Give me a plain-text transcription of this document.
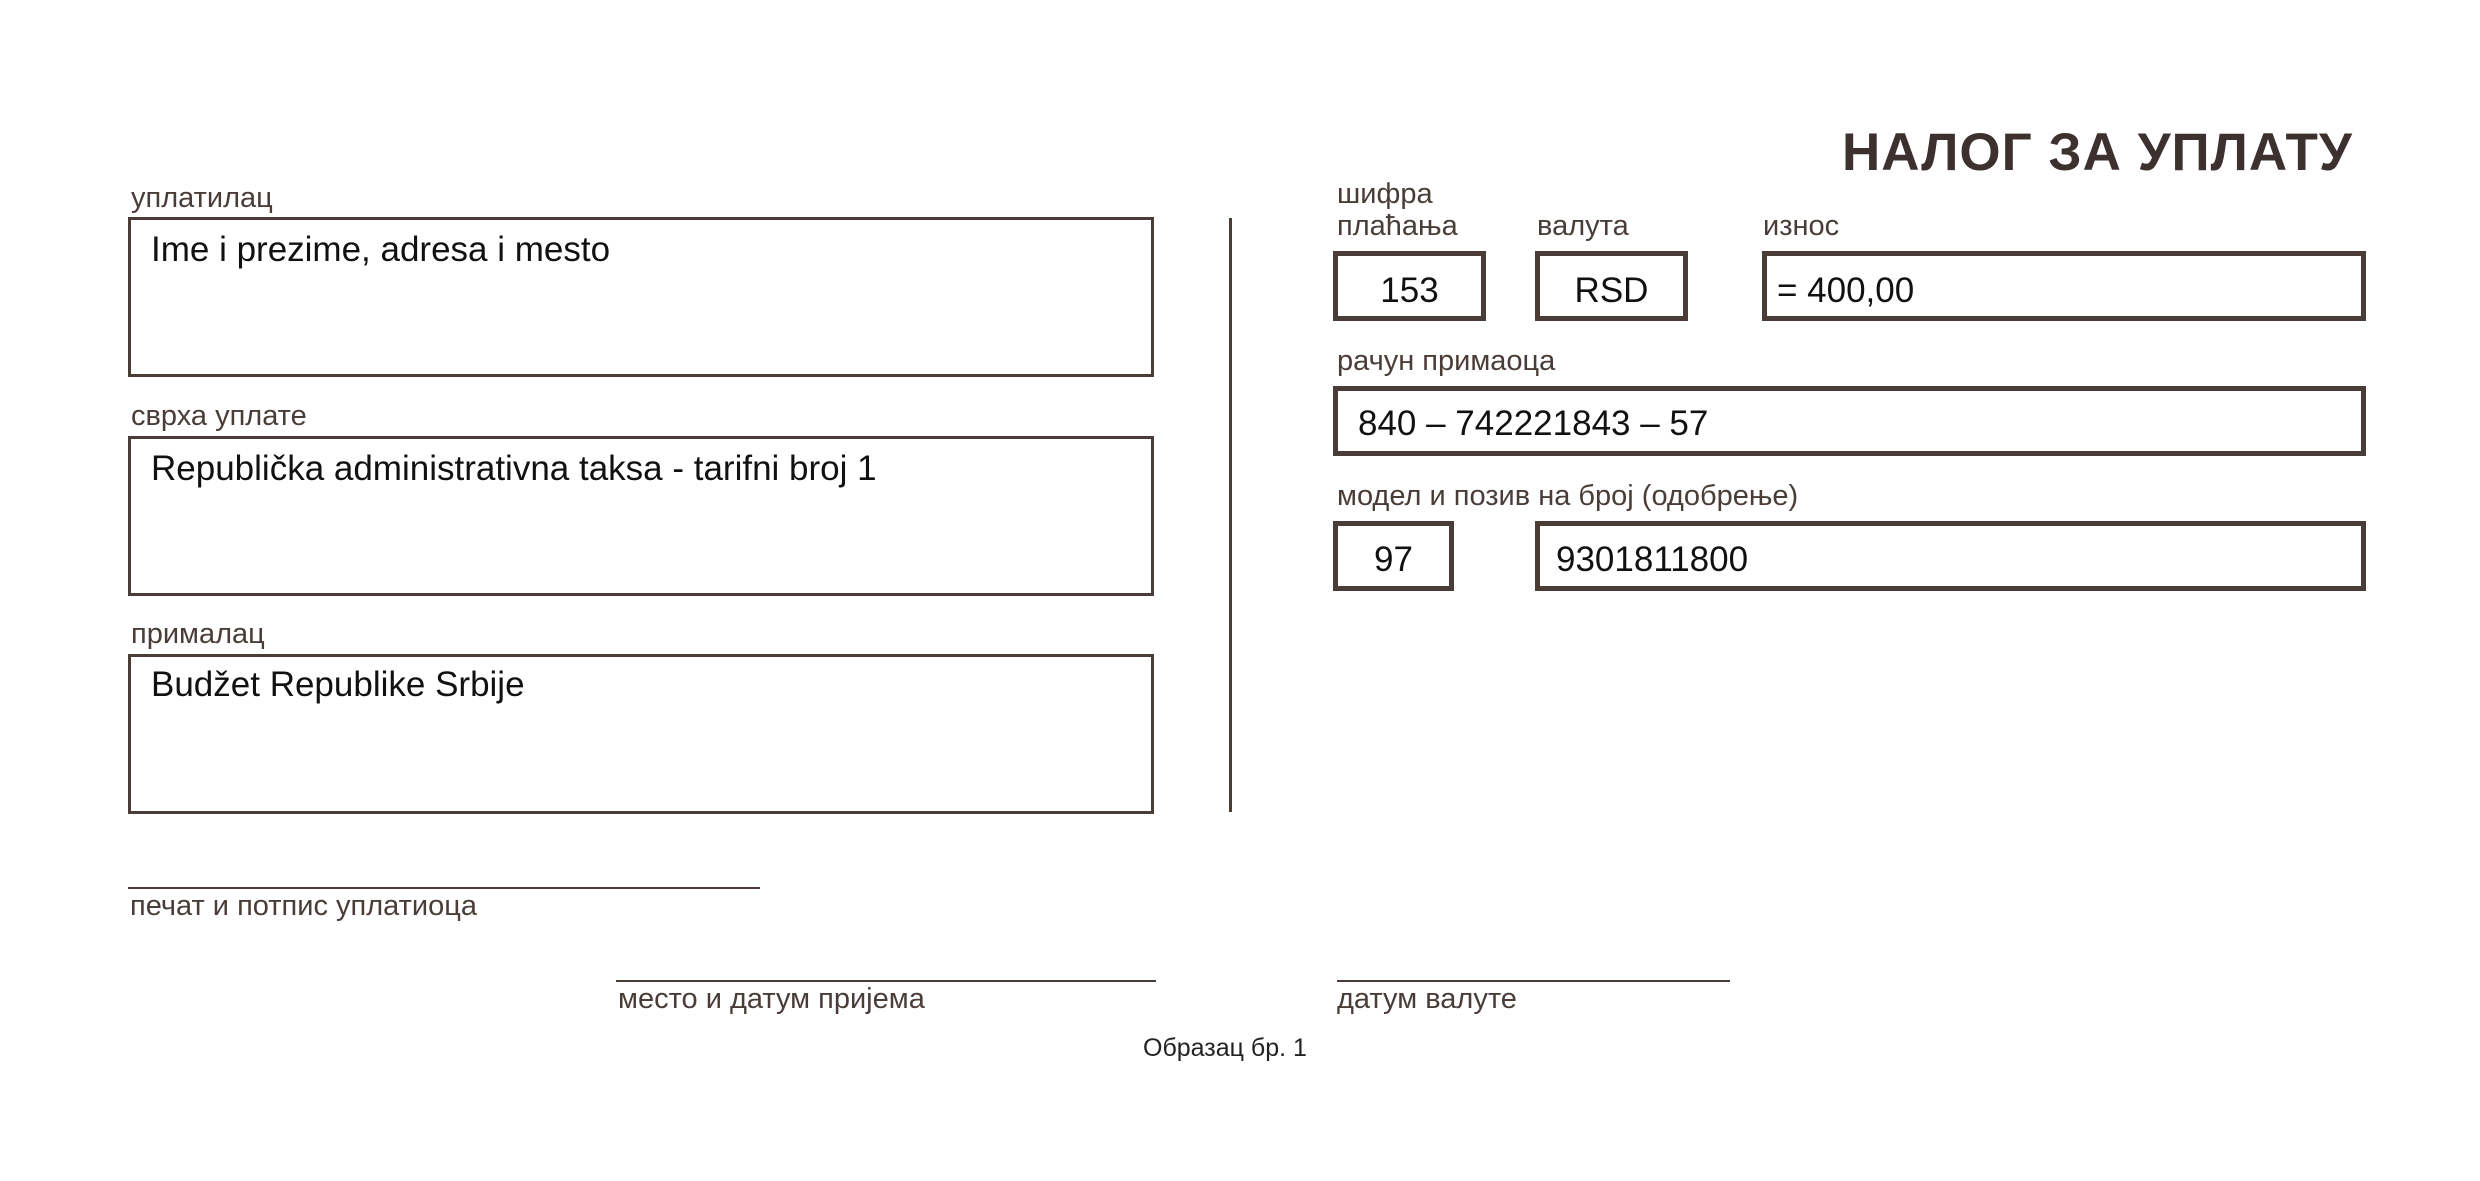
НАЛОГ ЗА УПЛАТУ
уплатилац
Ime i prezime, adresa i mesto
сврха уплате
Republička administrativna taksa - tarifni broj 1
прималац
Budžet Republike Srbije
шифра
плаћања	валута	износ
153	RSD	= 400,00
рачун примаоца
840 – 742221843 – 57
модел и позив на број (одобрење)
97	9301811800
печат и потпис уплатиоца
место и датум пријема	датум валуте
Образац бр. 1
